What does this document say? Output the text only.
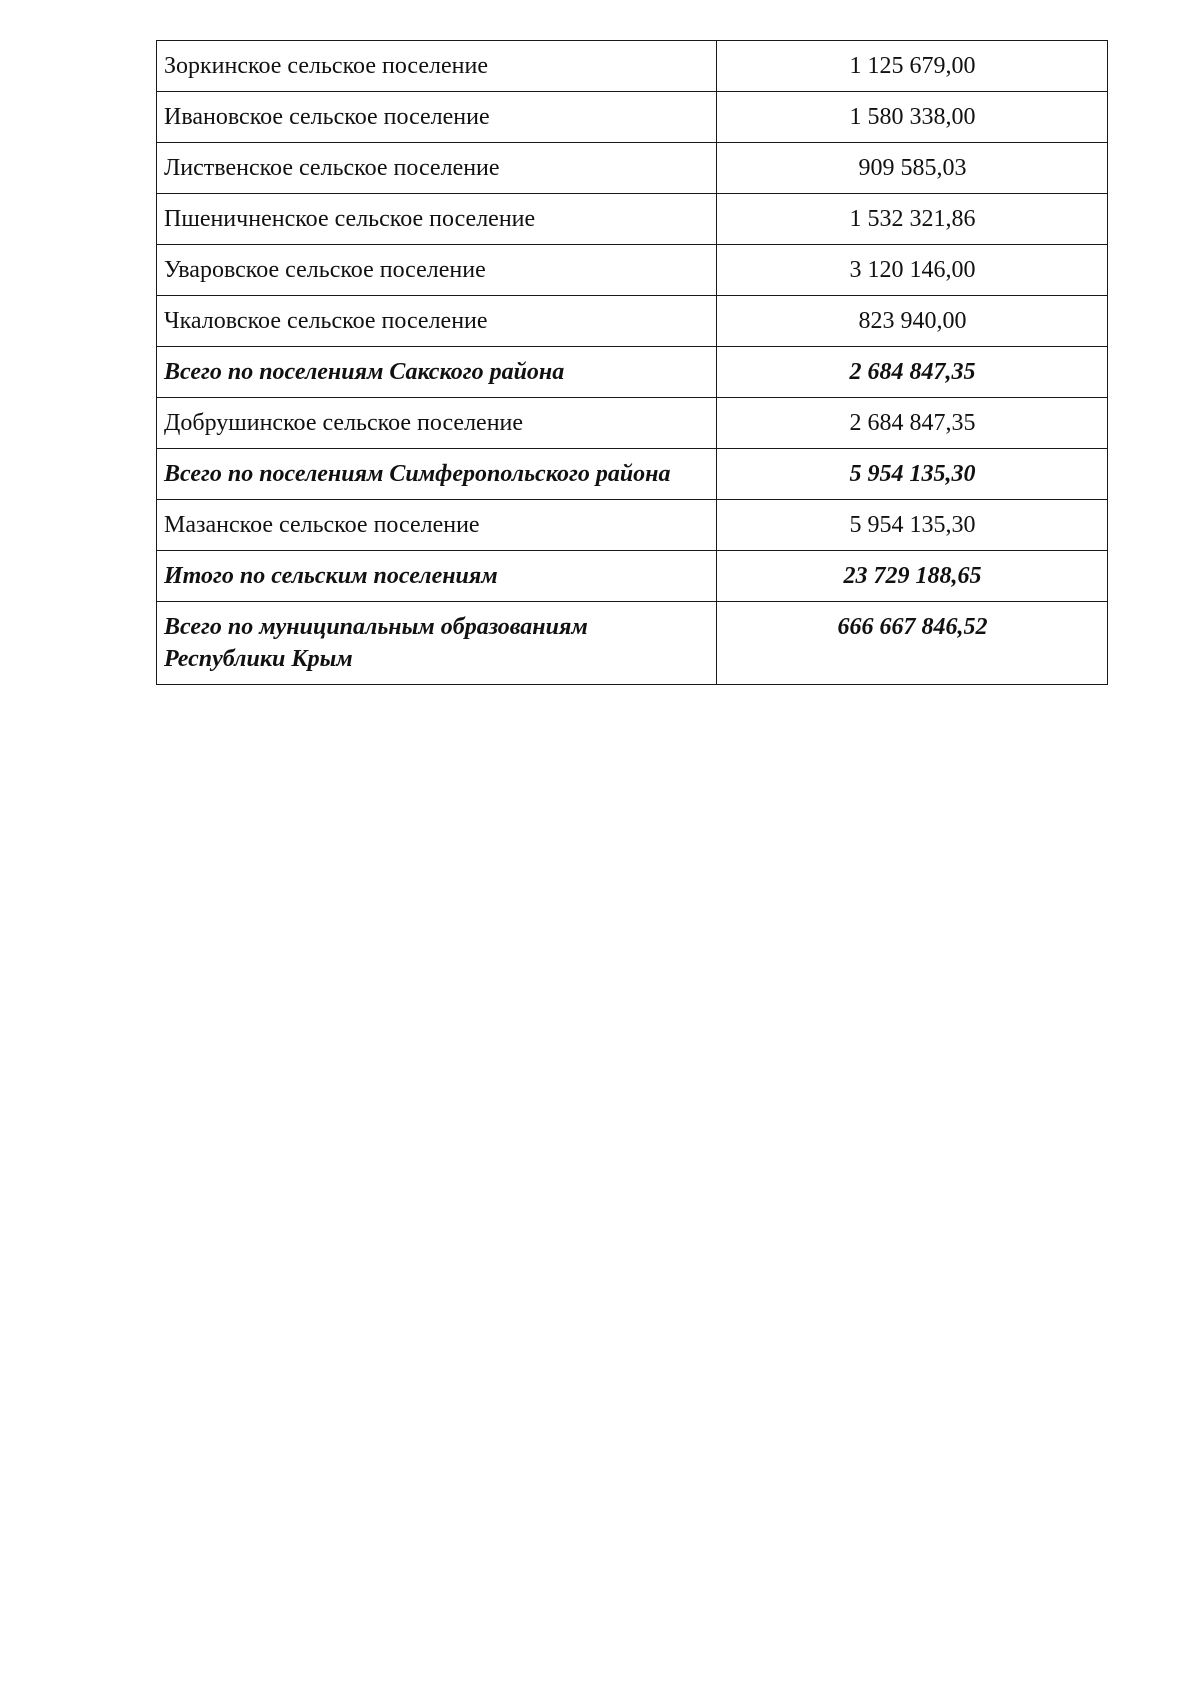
Зоркинское сельское поселение	1 125 679,00
Ивановское сельское поселение	1 580 338,00
Лиственское сельское поселение	909 585,03
Пшеничненское сельское поселение	1 532 321,86
Уваровское сельское поселение	3 120 146,00
Чкаловское сельское поселение	823 940,00
Всего по поселениям Сакского района	2 684 847,35
Добрушинское сельское поселение	2 684 847,35
Всего по поселениям Симферопольского района	5 954 135,30
Мазанское сельское поселение	5 954 135,30
Итого по сельским поселениям	23 729 188,65
Всего по муниципальным образованиям Республики Крым	666 667 846,52
